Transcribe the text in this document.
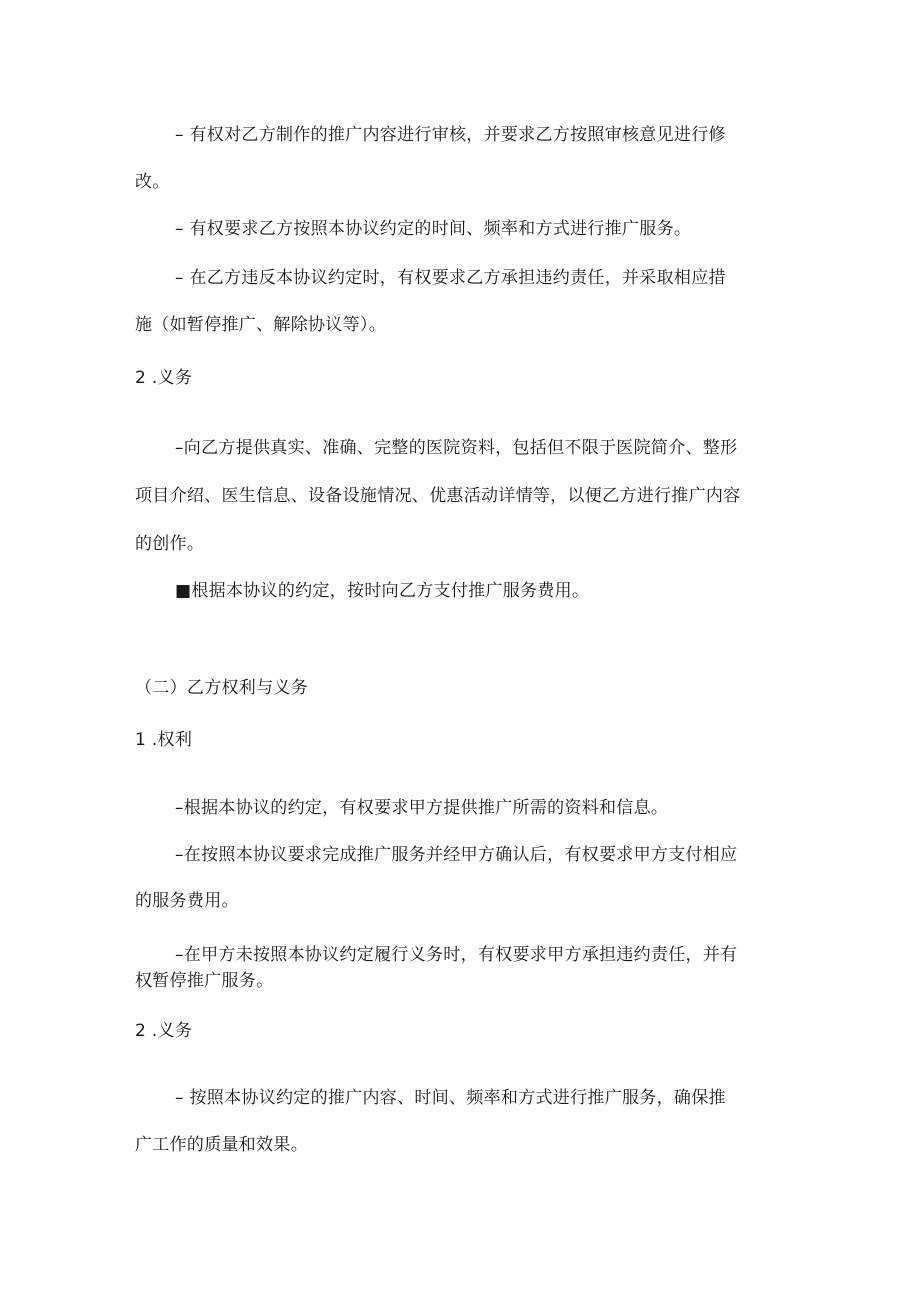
– 有权对乙方制作的推广内容进行审核，并要求乙方按照审核意见进行修
改。
– 有权要求乙方按照本协议约定的时间、频率和方式进行推广服务。
– 在乙方违反本协议约定时，有权要求乙方承担违约责任，并采取相应措
施（如暂停推广、解除协议等）。
2 .义务
–向乙方提供真实、准确、完整的医院资料，包括但不限于医院简介、整形
项目介绍、医生信息、设备设施情况、优惠活动详情等，以便乙方进行推广内容
的创作。
■根据本协议的约定，按时向乙方支付推广服务费用。
（二）乙方权利与义务
1 .权利
–根据本协议的约定，有权要求甲方提供推广所需的资料和信息。
–在按照本协议要求完成推广服务并经甲方确认后，有权要求甲方支付相应
的服务费用。
–在甲方未按照本协议约定履行义务时，有权要求甲方承担违约责任，并有
权暂停推广服务。
2 .义务
– 按照本协议约定的推广内容、时间、频率和方式进行推广服务，确保推
广工作的质量和效果。
